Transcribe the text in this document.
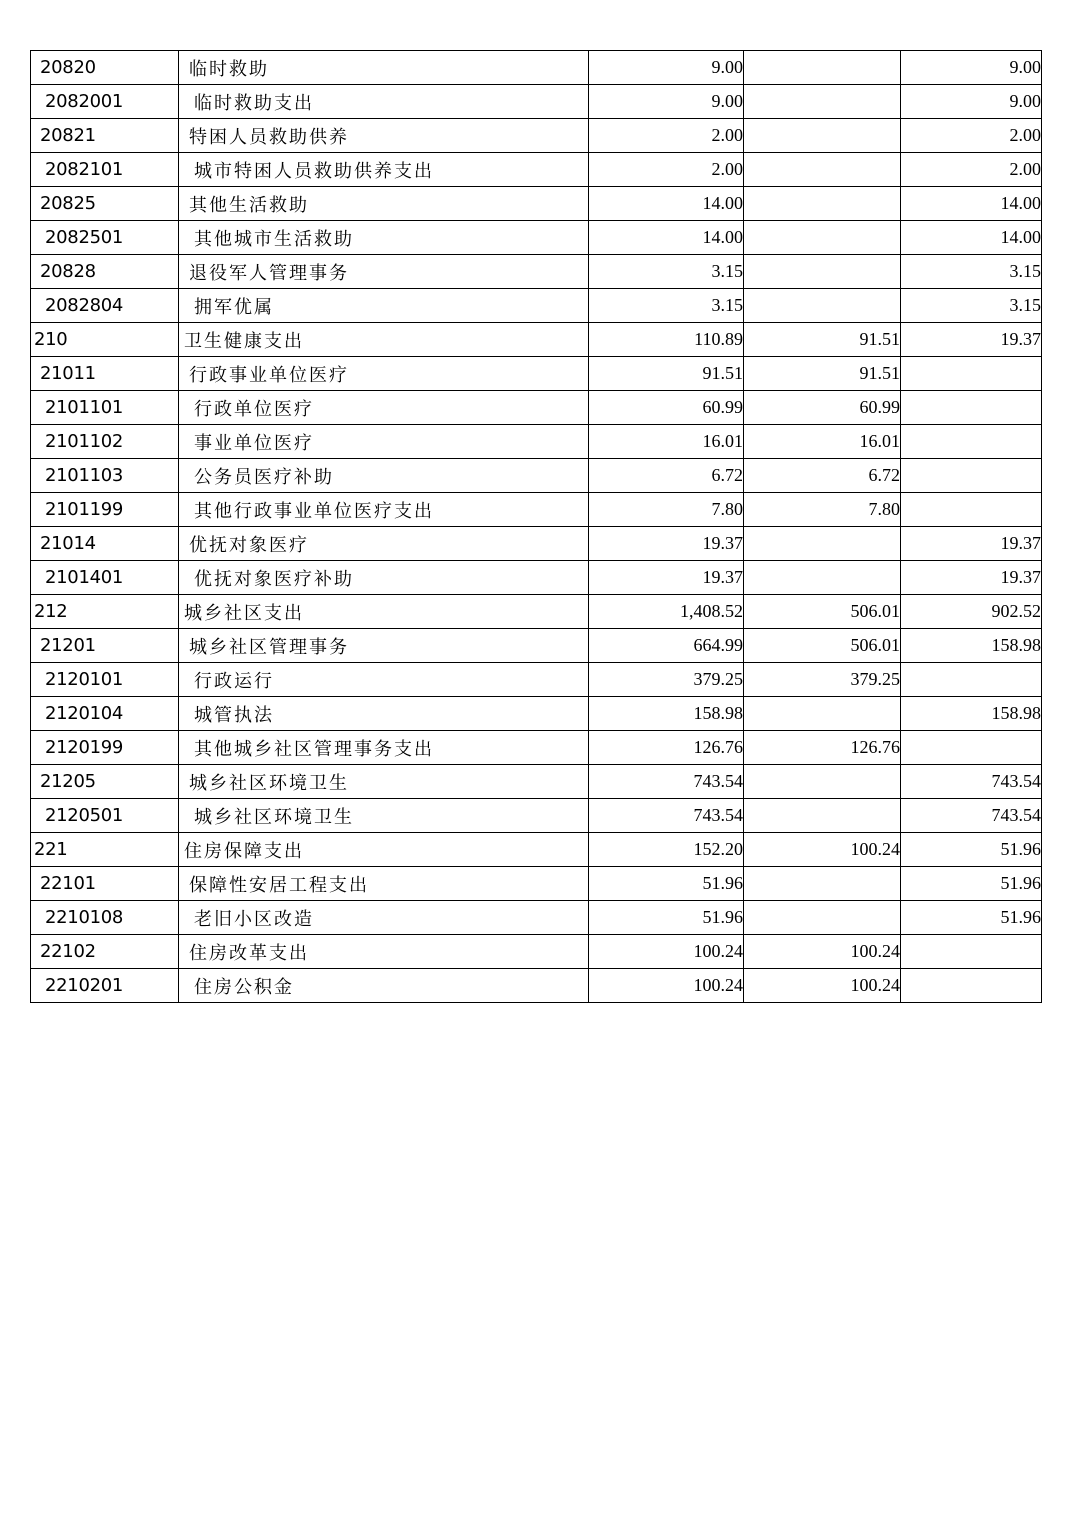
20820	临时救助	9.00		9.00
2082001	临时救助支出	9.00		9.00
20821	特困人员救助供养	2.00		2.00
2082101	城市特困人员救助供养支出	2.00		2.00
20825	其他生活救助	14.00		14.00
2082501	其他城市生活救助	14.00		14.00
20828	退役军人管理事务	3.15		3.15
2082804	拥军优属	3.15		3.15
210	卫生健康支出	110.89	91.51	19.37
21011	行政事业单位医疗	91.51	91.51	
2101101	行政单位医疗	60.99	60.99	
2101102	事业单位医疗	16.01	16.01	
2101103	公务员医疗补助	6.72	6.72	
2101199	其他行政事业单位医疗支出	7.80	7.80	
21014	优抚对象医疗	19.37		19.37
2101401	优抚对象医疗补助	19.37		19.37
212	城乡社区支出	1,408.52	506.01	902.52
21201	城乡社区管理事务	664.99	506.01	158.98
2120101	行政运行	379.25	379.25	
2120104	城管执法	158.98		158.98
2120199	其他城乡社区管理事务支出	126.76	126.76	
21205	城乡社区环境卫生	743.54		743.54
2120501	城乡社区环境卫生	743.54		743.54
221	住房保障支出	152.20	100.24	51.96
22101	保障性安居工程支出	51.96		51.96
2210108	老旧小区改造	51.96		51.96
22102	住房改革支出	100.24	100.24	
2210201	住房公积金	100.24	100.24	
